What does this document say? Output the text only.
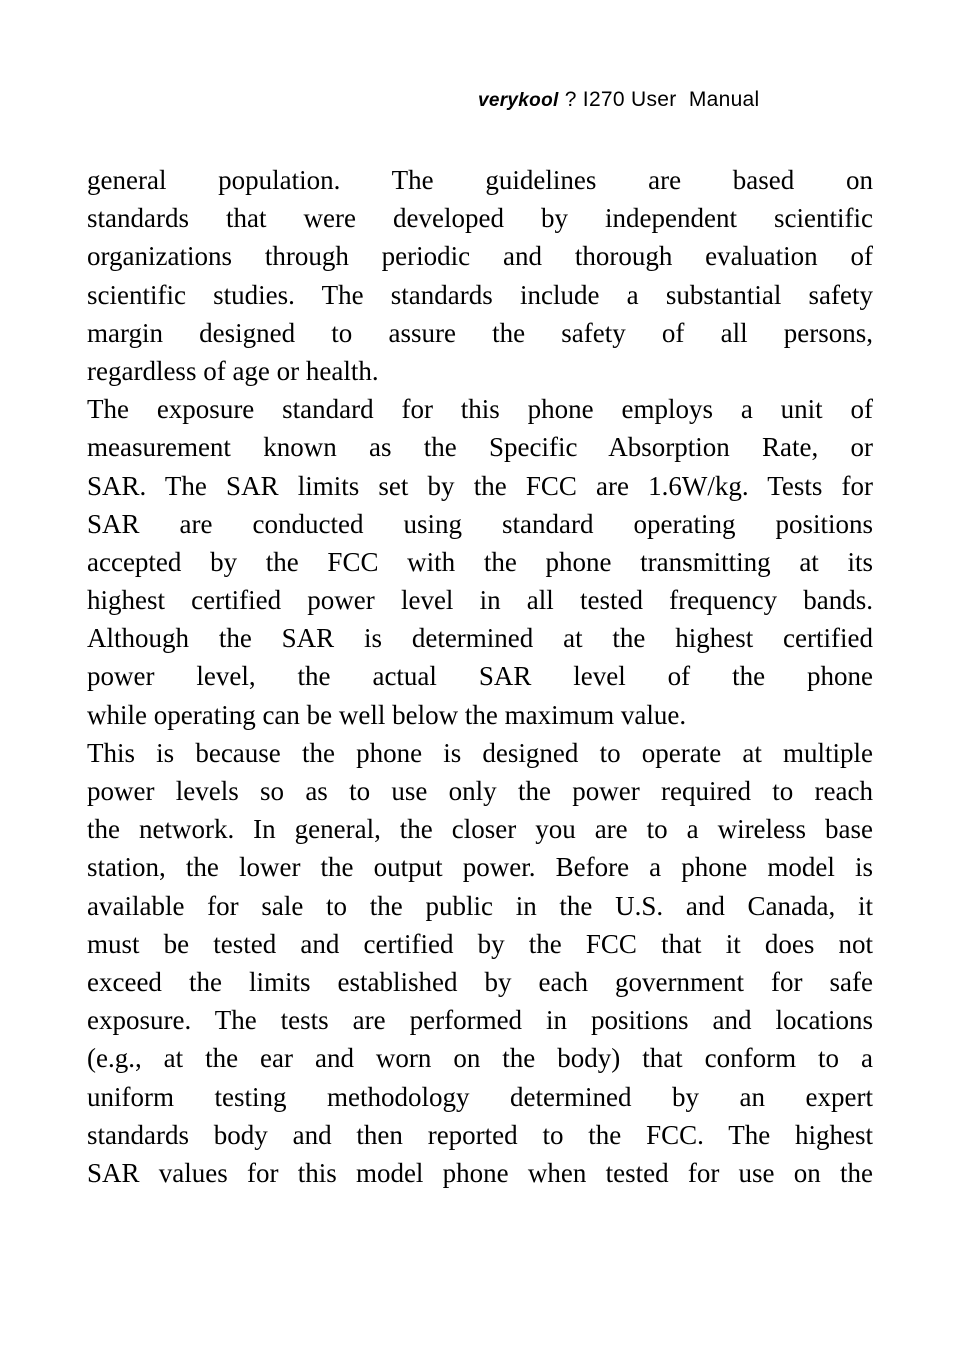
verykool ? I270 User  Manual
general population. The guidelines are based on
standards that were developed by independent scientific
organizations through periodic and thorough evaluation of
scientific studies. The standards include a substantial safety
margin designed to assure the safety of all persons,
regardless of age or health.
The exposure standard for this phone employs a unit of
measurement known as the Specific Absorption Rate, or
SAR. The SAR limits set by the FCC are 1.6W/kg. Tests for
SAR are conducted using standard operating positions
accepted by the FCC with the phone transmitting at its
highest certified power level in all tested frequency bands.
Although the SAR is determined at the highest certified
power level, the actual SAR level of the phone
while operating can be well below the maximum value.
This is because the phone is designed to operate at multiple
power levels so as to use only the power required to reach
the network. In general, the closer you are to a wireless base
station, the lower the output power. Before a phone model is
available for sale to the public in the U.S. and Canada, it
must be tested and certified by the FCC that it does not
exceed the limits established by each government for safe
exposure. The tests are performed in positions and locations
(e.g., at the ear and worn on the body) that conform to a
uniform testing methodology determined by an expert
standards body and then reported to the FCC. The highest
SAR values for this model phone when tested for use on the
